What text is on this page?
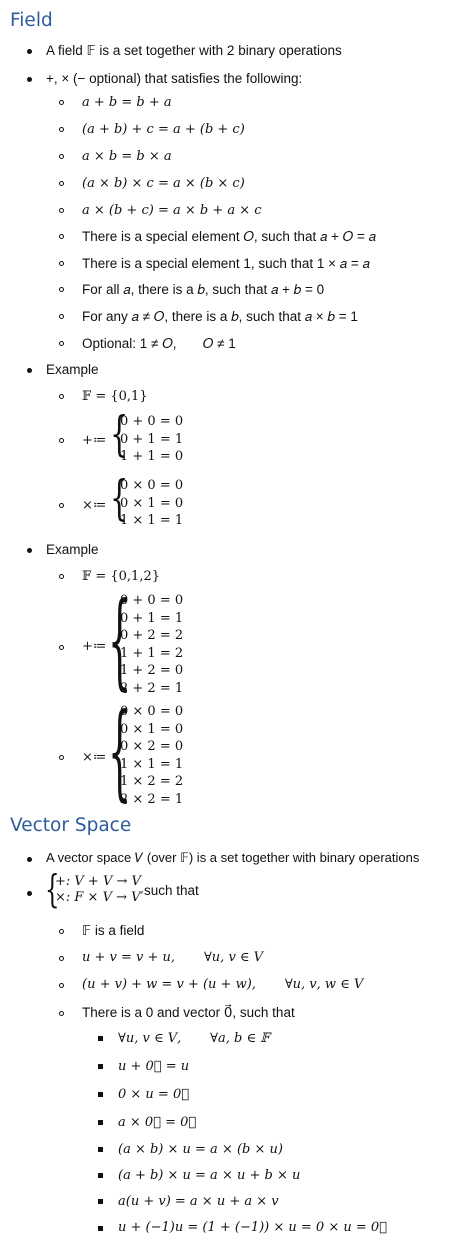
Field
A field 𝔽 is a set together with 2 binary operations
+, × (− optional) that satisfies the following:
a + b = b + a
(a + b) + c = a + (b + c)
a × b = b × a
(a × b) × c = a × (b × c)
a × (b + c) = a × b + a × c
There is a special element 𝑂, such that 𝑎 + 𝑂 = 𝑎
There is a special element 1, such that 1 × 𝑎 = 𝑎
For all 𝑎, there is a 𝑏, such that 𝑎 + 𝑏 = 0
For any 𝑎 ≠ 𝑂, there is a 𝑏, such that 𝑎 × 𝑏 = 1
Optional: 1 ≠ 𝑂,       𝑂 ≠ 1
Example
𝔽 = {0,1}
+≔ {
0 + 0 = 0
0 + 1 = 1
1 + 1 = 0
×≔ {
0 × 0 = 0
0 × 1 = 0
1 × 1 = 1
Example
𝔽 = {0,1,2}
+≔ {
0 + 0 = 0
0 + 1 = 1
0 + 2 = 2
1 + 1 = 2
1 + 2 = 0
2 + 2 = 1
×≔ {
0 × 0 = 0
0 × 1 = 0
0 × 2 = 0
1 × 1 = 1
1 × 2 = 2
2 × 2 = 1
Vector Space
A vector space 𝑉 (over 𝔽) is a set together with binary operations
{
+: 𝑉 + 𝑉 → 𝑉
×: 𝐹 × 𝑉 → 𝑉′ such that
𝔽 is a field
𝑢 + 𝑣 = 𝑣 + 𝑢,       ∀𝑢, 𝑣 ∈ 𝑉
(𝑢 + 𝑣) + 𝑤 = 𝑣 + (𝑢 + 𝑤),       ∀𝑢, 𝑣, 𝑤 ∈ 𝑉
There is a 0 and vector 0⃗, such that
∀𝑢, 𝑣 ∈ 𝑉,       ∀𝑎, 𝑏 ∈ 𝔽
𝑢 + 0⃗ = 𝑢
0 × 𝑢 = 0⃗
𝑎 × 0⃗ = 0⃗
(𝑎 × 𝑏) × 𝑢 = 𝑎 × (𝑏 × 𝑢)
(𝑎 + 𝑏) × 𝑢 = 𝑎 × 𝑢 + 𝑏 × 𝑢
𝑎(𝑢 + 𝑣) = 𝑎 × 𝑢 + 𝑎 × 𝑣
𝑢 + (−1)𝑢 = (1 + (−1)) × 𝑢 = 0 × 𝑢 = 0⃗
